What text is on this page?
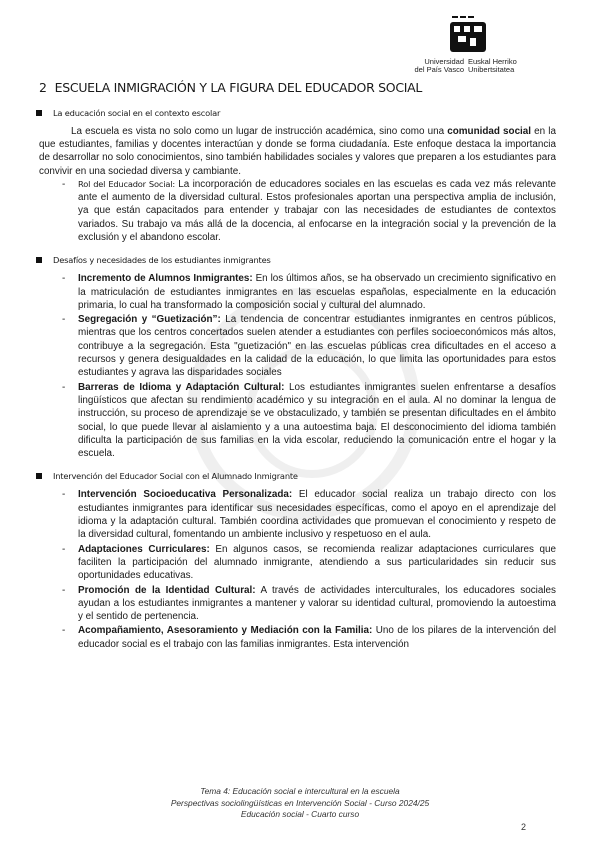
Universidad
del País Vasco
Euskal Herriko
Unibertsitatea
2 ESCUELA INMIGRACIÓN Y LA FIGURA DEL EDUCADOR SOCIAL
La educación social en el contexto escolar

La escuela es vista no solo como un lugar de instrucción académica, sino como una comunidad social en la que estudiantes, familias y docentes interactúan y donde se forma ciudadanía. Este enfoque destaca la importancia de desarrollar no solo conocimientos, sino también habilidades sociales y valores que preparen a los estudiantes para convivir en una sociedad diversa y cambiante.

- Rol del Educador Social: La incorporación de educadores sociales en las escuelas es cada vez más relevante ante el aumento de la diversidad cultural. Estos profesionales aportan una perspectiva amplia de inclusión, ya que están capacitados para entender y trabajar con las necesidades de estudiantes de contextos variados. Su trabajo va más allá de la docencia, al enfocarse en la integración social y la prevención de la exclusión y el abandono escolar.
Desafíos y necesidades de los estudiantes inmigrantes
- Incremento de Alumnos Inmigrantes: En los últimos años, se ha observado un crecimiento significativo en la matriculación de estudiantes inmigrantes en las escuelas españolas, especialmente en la educación primaria, lo cual ha transformado la composición social y cultural del alumnado.
- Segregación y “Guetización”: La tendencia de concentrar estudiantes inmigrantes en centros públicos, mientras que los centros concertados suelen atender a estudiantes con perfiles socioeconómicos más altos, contribuye a la segregación. Esta "guetización" en las escuelas públicas crea dificultades en el acceso a recursos y genera desigualdades en la calidad de la educación, lo que limita las oportunidades para estos estudiantes y agrava las disparidades sociales
- Barreras de Idioma y Adaptación Cultural: Los estudiantes inmigrantes suelen enfrentarse a desafíos lingüísticos que afectan su rendimiento académico y su integración en el aula. Al no dominar la lengua de instrucción, su proceso de aprendizaje se ve obstaculizado, y también se presentan dificultades en el ámbito social, lo que puede llevar al aislamiento y a una autoestima baja. El desconocimiento del idioma también dificulta la participación de sus familias en la vida escolar, reduciendo la comunicación entre el hogar y la escuela.
Intervención del Educador Social con el Alumnado Inmigrante
- Intervención Socioeducativa Personalizada: El educador social realiza un trabajo directo con los estudiantes inmigrantes para identificar sus necesidades específicas, como el apoyo en el aprendizaje del idioma y la adaptación cultural. También coordina actividades que promuevan el conocimiento y respeto de la diversidad cultural, fomentando un ambiente inclusivo y respetuoso en el aula.
- Adaptaciones Curriculares: En algunos casos, se recomienda realizar adaptaciones curriculares que faciliten la participación del alumnado inmigrante, atendiendo a sus particularidades sin reducir sus oportunidades educativas.
- Promoción de la Identidad Cultural: A través de actividades interculturales, los educadores sociales ayudan a los estudiantes inmigrantes a mantener y valorar su identidad cultural, promoviendo la autoestima y el sentido de pertenencia.
- Acompañamiento, Asesoramiento y Mediación con la Familia: Uno de los pilares de la intervención del educador social es el trabajo con las familias inmigrantes. Esta intervención
Tema 4: Educación social e intercultural en la escuela
Perspectivas sociolingüísticas en Intervención Social - Curso 2024/25
Educación social - Cuarto curso
2
